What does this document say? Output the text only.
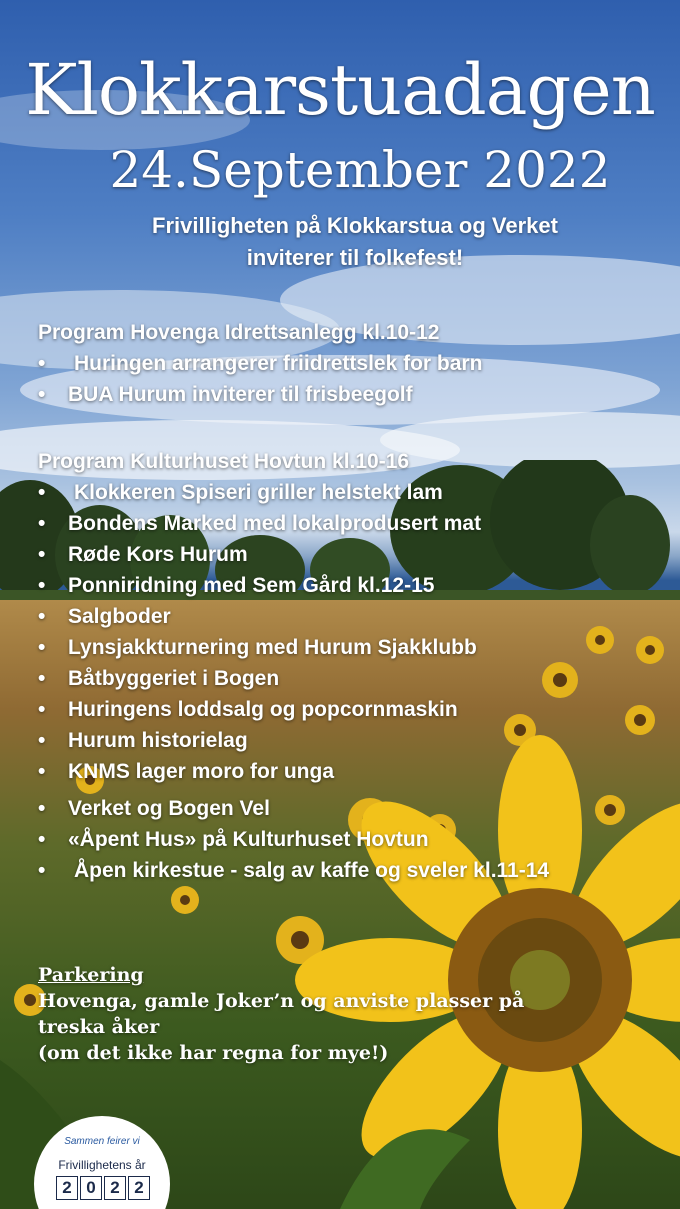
Klokkarstuadagen
24.September 2022
Frivilligheten på Klokkarstua og Verket
inviterer til folkefest!
Program Hovenga Idrettsanlegg kl.10-12
•	Huringen arrangerer friidrettslek for barn
•	BUA Hurum inviterer til frisbeegolf
Program Kulturhuset Hovtun kl.10-16
•	Klokkeren Spiseri griller helstekt lam
•	Bondens Marked med lokalprodusert mat
•	Røde Kors Hurum
•	Ponniridning med Sem Gård kl.12-15
•	Salgboder
•	Lynsjakkturnering med Hurum Sjakklubb
•	Båtbyggeriet i Bogen
•	Huringens loddsalg og popcornmaskin
•	Hurum historielag
•	KNMS lager moro for unga
•	Verket og Bogen Vel
•	«Åpent Hus» på Kulturhuset Hovtun
•	Åpen kirkestue - salg av kaffe og sveler kl.11-14
Parkering
Hovenga, gamle Joker’n og anviste plasser på
treska åker
(om det ikke har regna for mye!)
Sammen feirer vi
Frivillighetens år
2 0 2 2
